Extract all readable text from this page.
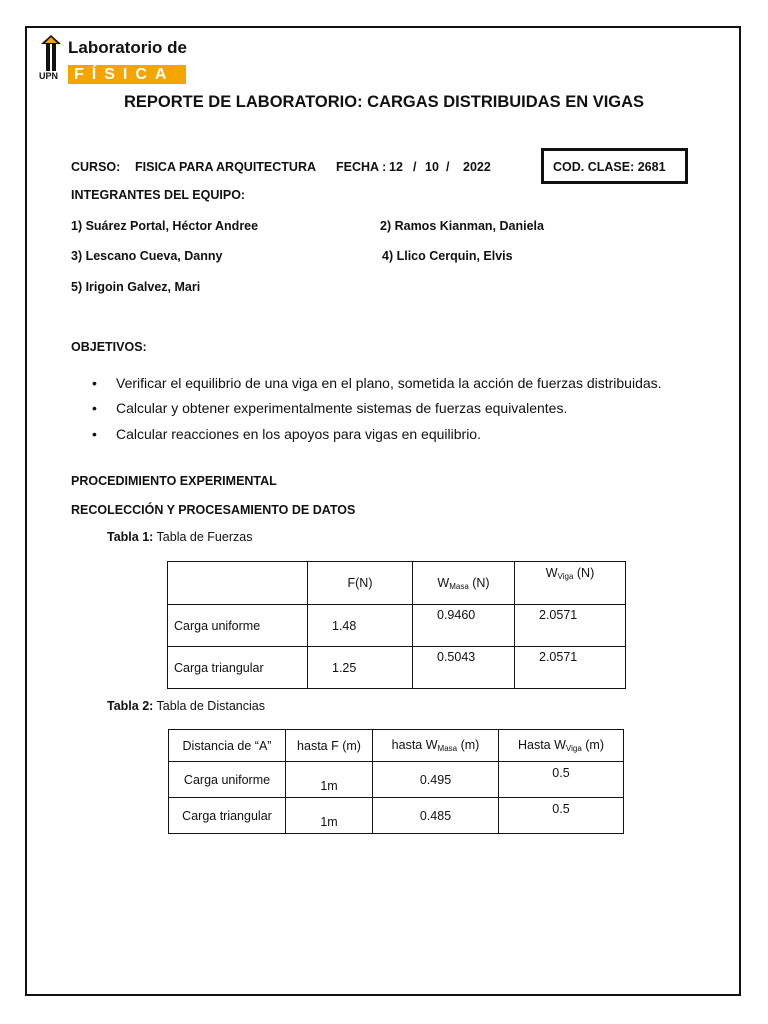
UPN
Laboratorio de
FÍSICA
REPORTE DE LABORATORIO: CARGAS DISTRIBUIDAS EN VIGAS
CURSO: FISICA PARA ARQUITECTURA FECHA : 12 / 10 / 2022	COD. CLASE: 2681
INTEGRANTES DEL EQUIPO:
1) Suárez Portal, Héctor Andree	2) Ramos Kianman, Daniela
3) Lescano Cueva, Danny	4) Llico Cerquin, Elvis
5) Irigoin Galvez, Mari
OBJETIVOS:
• Verificar el equilibrio de una viga en el plano, sometida la acción de fuerzas distribuidas.
• Calcular y obtener experimentalmente sistemas de fuerzas equivalentes.
• Calcular reacciones en los apoyos para vigas en equilibrio.
PROCEDIMIENTO EXPERIMENTAL
RECOLECCIÓN Y PROCESAMIENTO DE DATOS
Tabla 1: Tabla de Fuerzas
	F(N)	$W_{Masa}$ (N)	$W_{Viga}$ (N)
Carga uniforme	1.48	0.9460	2.0571
Carga triangular	1.25	0.5043	2.0571
Tabla 2: Tabla de Distancias
Distancia de “A”	hasta F (m)	hasta $W_{Masa}$ (m)	Hasta $W_{Viga}$ (m)
Carga uniforme	1m	0.495	0.5
Carga triangular	1m	0.485	0.5
